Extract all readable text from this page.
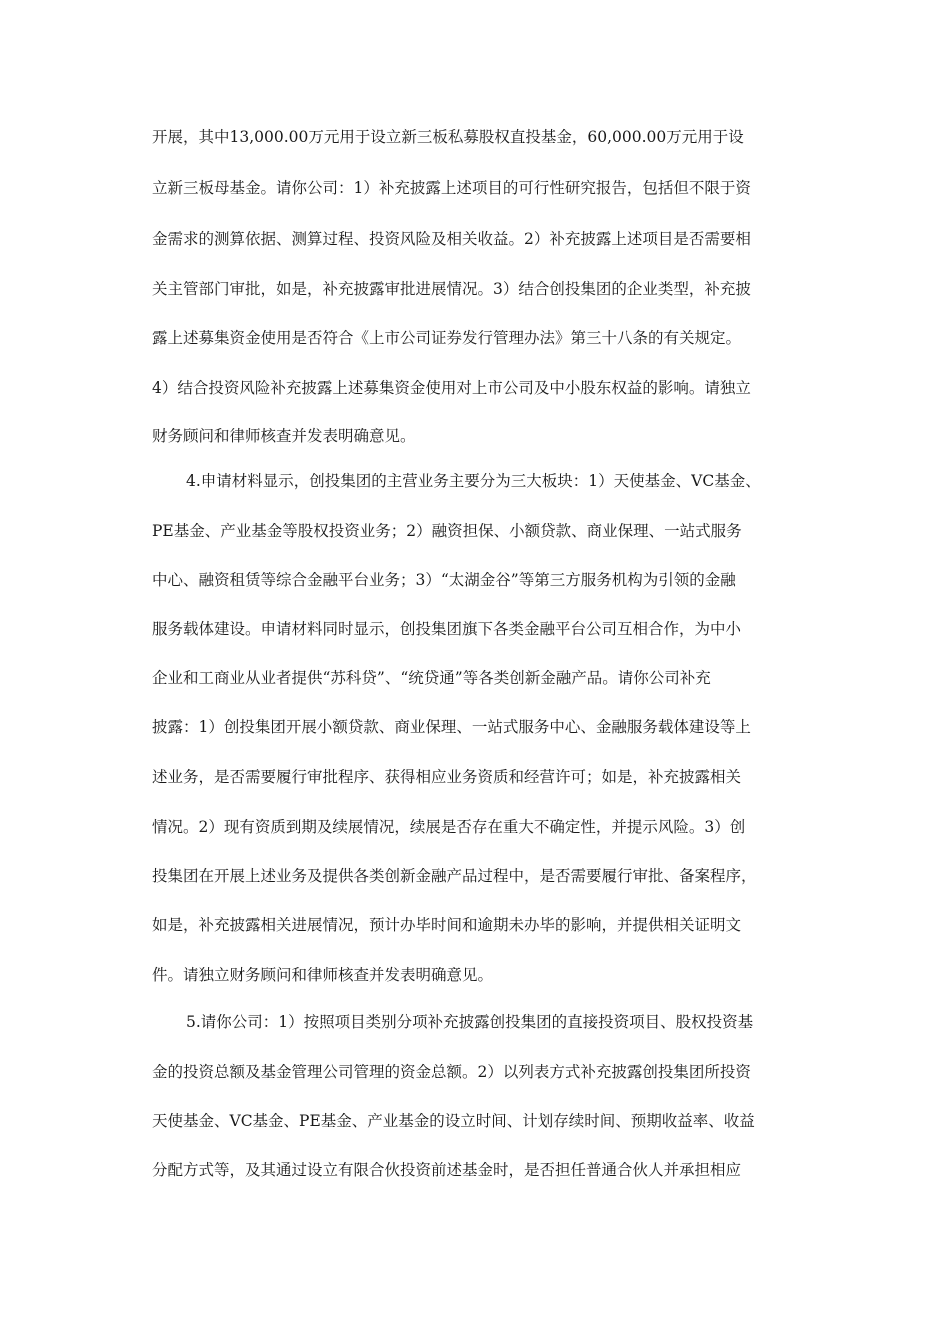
开展，其中13,000.00万元用于设立新三板私募股权直投基金，60,000.00万元用于设
立新三板母基金。请你公司：1）补充披露上述项目的可行性研究报告，包括但不限于资
金需求的测算依据、测算过程、投资风险及相关收益。2）补充披露上述项目是否需要相
关主管部门审批，如是，补充披露审批进展情况。3）结合创投集团的企业类型，补充披
露上述募集资金使用是否符合《上市公司证券发行管理办法》第三十八条的有关规定。
4）结合投资风险补充披露上述募集资金使用对上市公司及中小股东权益的影响。请独立
财务顾问和律师核查并发表明确意见。
4.申请材料显示，创投集团的主营业务主要分为三大板块：1）天使基金、VC基金、
PE基金、产业基金等股权投资业务；2）融资担保、小额贷款、商业保理、一站式服务
中心、融资租赁等综合金融平台业务；3）“太湖金谷”等第三方服务机构为引领的金融
服务载体建设。申请材料同时显示，创投集团旗下各类金融平台公司互相合作，为中小
企业和工商业从业者提供“苏科贷”、“统贷通”等各类创新金融产品。请你公司补充
披露：1）创投集团开展小额贷款、商业保理、一站式服务中心、金融服务载体建设等上
述业务，是否需要履行审批程序、获得相应业务资质和经营许可；如是，补充披露相关
情况。2）现有资质到期及续展情况，续展是否存在重大不确定性，并提示风险。3）创
投集团在开展上述业务及提供各类创新金融产品过程中，是否需要履行审批、备案程序，
如是，补充披露相关进展情况，预计办毕时间和逾期未办毕的影响，并提供相关证明文
件。请独立财务顾问和律师核查并发表明确意见。
5.请你公司：1）按照项目类别分项补充披露创投集团的直接投资项目、股权投资基
金的投资总额及基金管理公司管理的资金总额。2）以列表方式补充披露创投集团所投资
天使基金、VC基金、PE基金、产业基金的设立时间、计划存续时间、预期收益率、收益
分配方式等，及其通过设立有限合伙投资前述基金时，是否担任普通合伙人并承担相应
